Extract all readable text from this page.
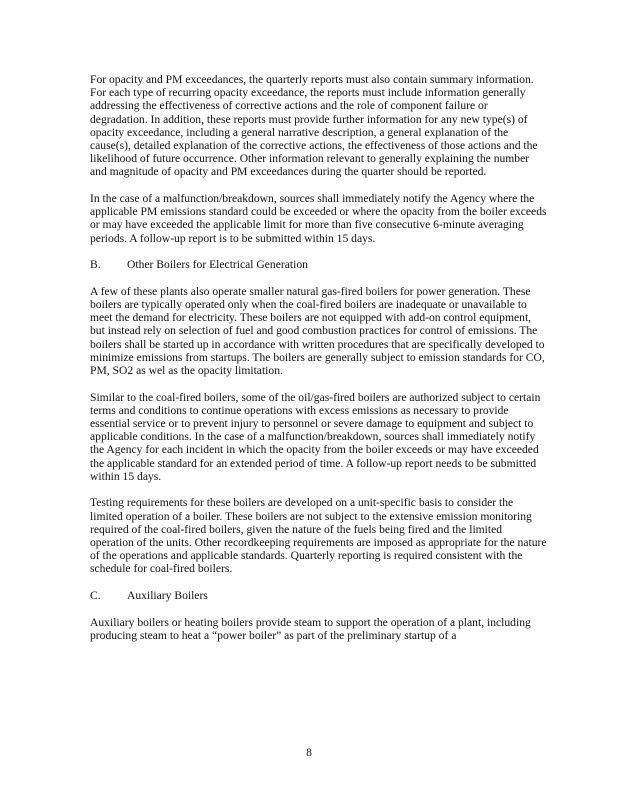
For opacity and PM exceedances, the quarterly reports must also contain summary information. For each type of recurring opacity exceedance, the reports must include information generally addressing the effectiveness of corrective actions and the role of component failure or degradation. In addition, these reports must provide further information for any new type(s) of opacity exceedance, including a general narrative description, a general explanation of the cause(s), detailed explanation of the corrective actions, the effectiveness of those actions and the likelihood of future occurrence. Other information relevant to generally explaining the number and magnitude of opacity and PM exceedances during the quarter should be reported.

In the case of a malfunction/breakdown, sources shall immediately notify the Agency where the applicable PM emissions standard could be exceeded or where the opacity from the boiler exceeds or may have exceeded the applicable limit for more than five consecutive 6-minute averaging periods. A follow-up report is to be submitted within 15 days.

B.	Other Boilers for Electrical Generation

A few of these plants also operate smaller natural gas-fired boilers for power generation. These boilers are typically operated only when the coal-fired boilers are inadequate or unavailable to meet the demand for electricity. These boilers are not equipped with add-on control equipment, but instead rely on selection of fuel and good combustion practices for control of emissions. The boilers shall be started up in accordance with written procedures that are specifically developed to minimize emissions from startups. The boilers are generally subject to emission standards for CO, PM, SO2 as wel as the opacity limitation.

Similar to the coal-fired boilers, some of the oil/gas-fired boilers are authorized subject to certain terms and conditions to continue operations with excess emissions as necessary to provide essential service or to prevent injury to personnel or severe damage to equipment and subject to applicable conditions. In the case of a malfunction/breakdown, sources shall immediately notify the Agency for each incident in which the opacity from the boiler exceeds or may have exceeded the applicable standard for an extended period of time. A follow-up report needs to be submitted within 15 days.

Testing requirements for these boilers are developed on a unit-specific basis to consider the limited operation of a boiler. These boilers are not subject to the extensive emission monitoring required of the coal-fired boilers, given the nature of the fuels being fired and the limited operation of the units. Other recordkeeping requirements are imposed as appropriate for the nature of the operations and applicable standards. Quarterly reporting is required consistent with the schedule for coal-fired boilers.

C.	Auxiliary Boilers

Auxiliary boilers or heating boilers provide steam to support the operation of a plant, including producing steam to heat a “power boiler” as part of the preliminary startup of a

8
